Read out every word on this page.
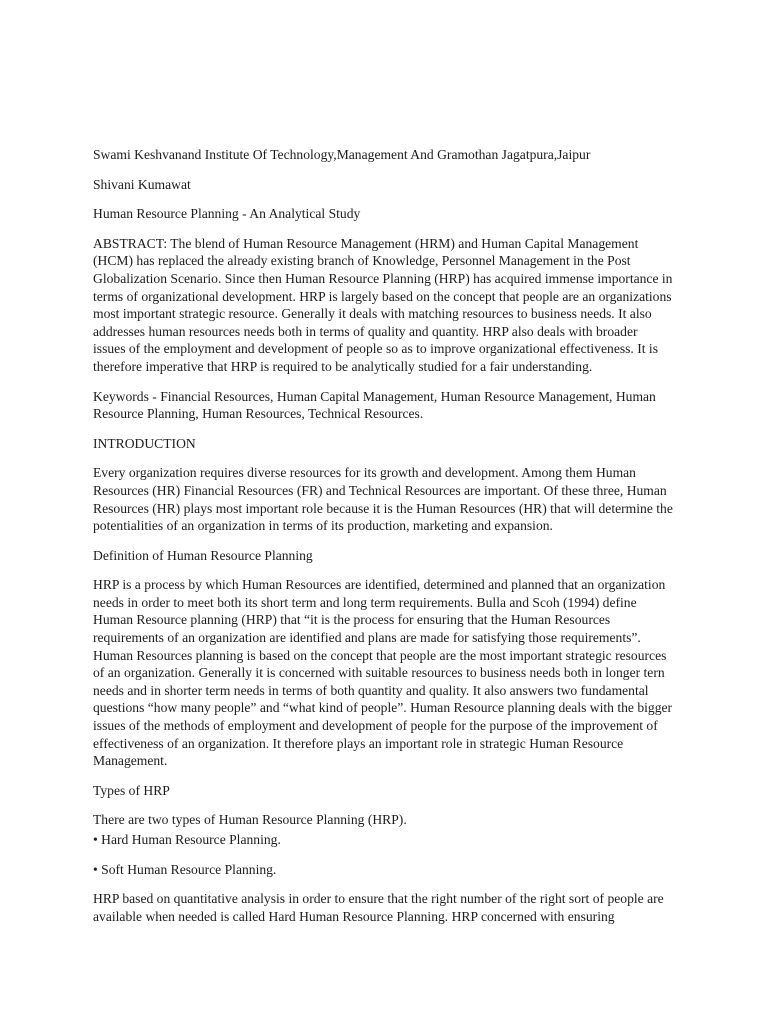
Swami Keshvanand Institute Of Technology,Management And Gramothan Jagatpura,Jaipur

Shivani Kumawat

Human Resource Planning - An Analytical Study

ABSTRACT: The blend of Human Resource Management (HRM) and Human Capital Management (HCM) has replaced the already existing branch of Knowledge, Personnel Management in the Post Globalization Scenario. Since then Human Resource Planning (HRP) has acquired immense importance in terms of organizational development. HRP is largely based on the concept that people are an organizations most important strategic resource. Generally it deals with matching resources to business needs. It also addresses human resources needs both in terms of quality and quantity. HRP also deals with broader issues of the employment and development of people so as to improve organizational effectiveness. It is therefore imperative that HRP is required to be analytically studied for a fair understanding.

Keywords - Financial Resources, Human Capital Management, Human Resource Management, Human Resource Planning, Human Resources, Technical Resources.

INTRODUCTION

Every organization requires diverse resources for its growth and development. Among them Human Resources (HR) Financial Resources (FR) and Technical Resources are important. Of these three, Human Resources (HR) plays most important role because it is the Human Resources (HR) that will determine the potentialities of an organization in terms of its production, marketing and expansion.

Definition of Human Resource Planning

HRP is a process by which Human Resources are identified, determined and planned that an organization needs in order to meet both its short term and long term requirements. Bulla and Scoh (1994) define Human Resource planning (HRP) that “it is the process for ensuring that the Human Resources requirements of an organization are identified and plans are made for satisfying those requirements”. Human Resources planning is based on the concept that people are the most important strategic resources of an organization. Generally it is concerned with suitable resources to business needs both in longer tern needs and in shorter term needs in terms of both quantity and quality. It also answers two fundamental questions “how many people” and “what kind of people”. Human Resource planning deals with the bigger issues of the methods of employment and development of people for the purpose of the improvement of effectiveness of an organization. It therefore plays an important role in strategic Human Resource Management.

Types of HRP

There are two types of Human Resource Planning (HRP).

• Hard Human Resource Planning.

• Soft Human Resource Planning.

HRP based on quantitative analysis in order to ensure that the right number of the right sort of people are available when needed is called Hard Human Resource Planning. HRP concerned with ensuring
